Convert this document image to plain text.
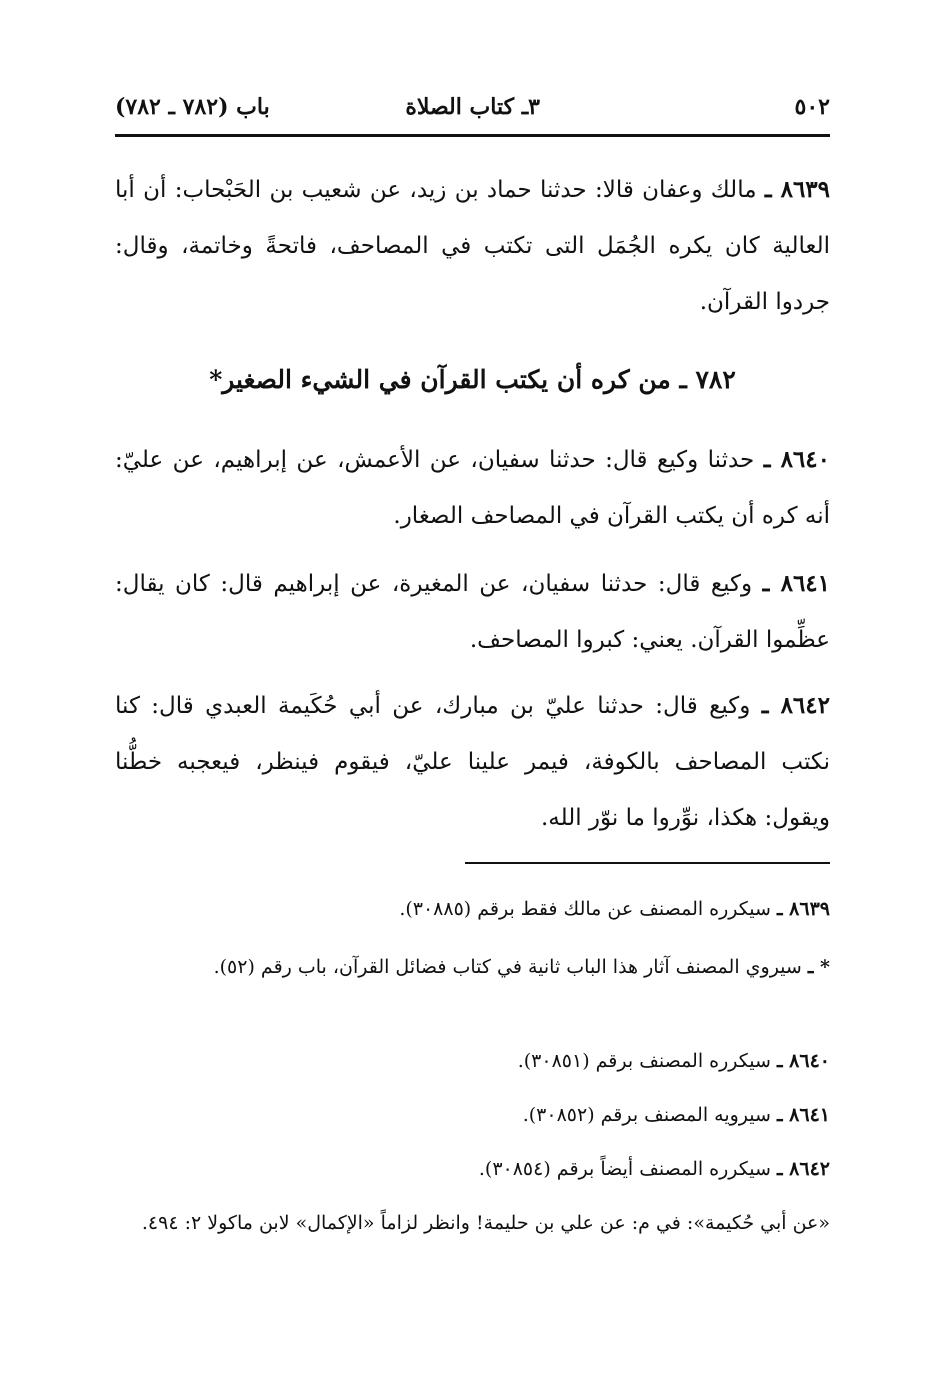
٥٠٢
٣ـ كتاب الصلاة
باب (٧٨٢ ـ ٧٨٢)
٨٦٣٩ ـ مالك وعفان قالا: حدثنا حماد بن زيد، عن شعيب بن الحَبْحاب: أن أبا العالية كان يكره الجُمَل التى تكتب في المصاحف، فاتحةً وخاتمة، وقال: جردوا القرآن.
٧٨٢ ـ من كره أن يكتب القرآن في الشيء الصغير*
٨٦٤٠ ـ حدثنا وكيع قال: حدثنا سفيان، عن الأعمش، عن إبراهيم، عن عليّ: أنه كره أن يكتب القرآن في المصاحف الصغار.
٨٦٤١ ـ وكيع قال: حدثنا سفيان، عن المغيرة، عن إبراهيم قال: كان يقال: عظِّموا القرآن. يعني: كبروا المصاحف.
٨٦٤٢ ـ وكيع قال: حدثنا عليّ بن مبارك، عن أبي حُكَيمة العبدي قال: كنا نكتب المصاحف بالكوفة، فيمر علينا عليّ، فيقوم فينظر، فيعجبه خطُّنا ويقول: هكذا، نوِّروا ما نوّر الله.
٨٦٣٩ ـ سيكرره المصنف عن مالك فقط برقم (٣٠٨٨٥).
* ـ سيروي المصنف آثار هذا الباب ثانية في كتاب فضائل القرآن، باب رقم (٥٢).
٨٦٤٠ ـ سيكرره المصنف برقم (٣٠٨٥١).
٨٦٤١ ـ سيرويه المصنف برقم (٣٠٨٥٢).
٨٦٤٢ ـ سيكرره المصنف أيضاً برقم (٣٠٨٥٤).
«عن أبي حُكيمة»: في م: عن علي بن حليمة! وانظر لزاماً «الإكمال» لابن ماكولا ٢: ٤٩٤.
